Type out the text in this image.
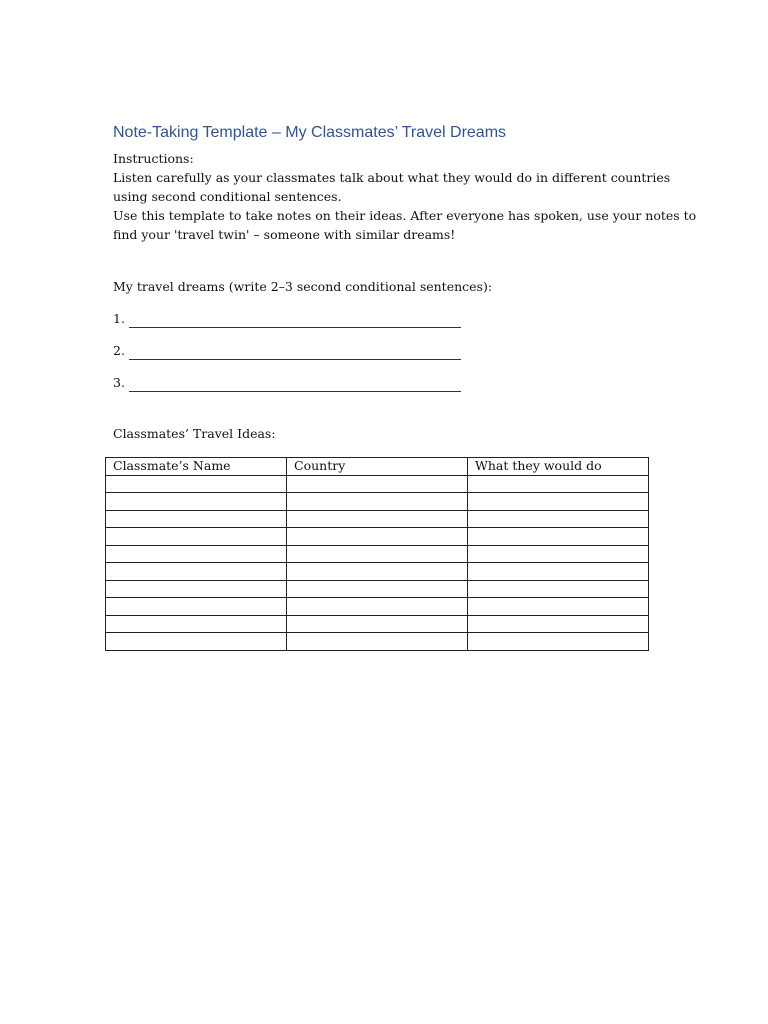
Note-Taking Template – My Classmates’ Travel Dreams
Instructions:
Listen carefully as your classmates talk about what they would do in different countries
using second conditional sentences.
Use this template to take notes on their ideas. After everyone has spoken, use your notes to
find your 'travel twin' – someone with similar dreams!
My travel dreams (write 2–3 second conditional sentences):
1.
2.
3.
Classmates’ Travel Ideas:
Classmate’s Name	Country	What they would do
